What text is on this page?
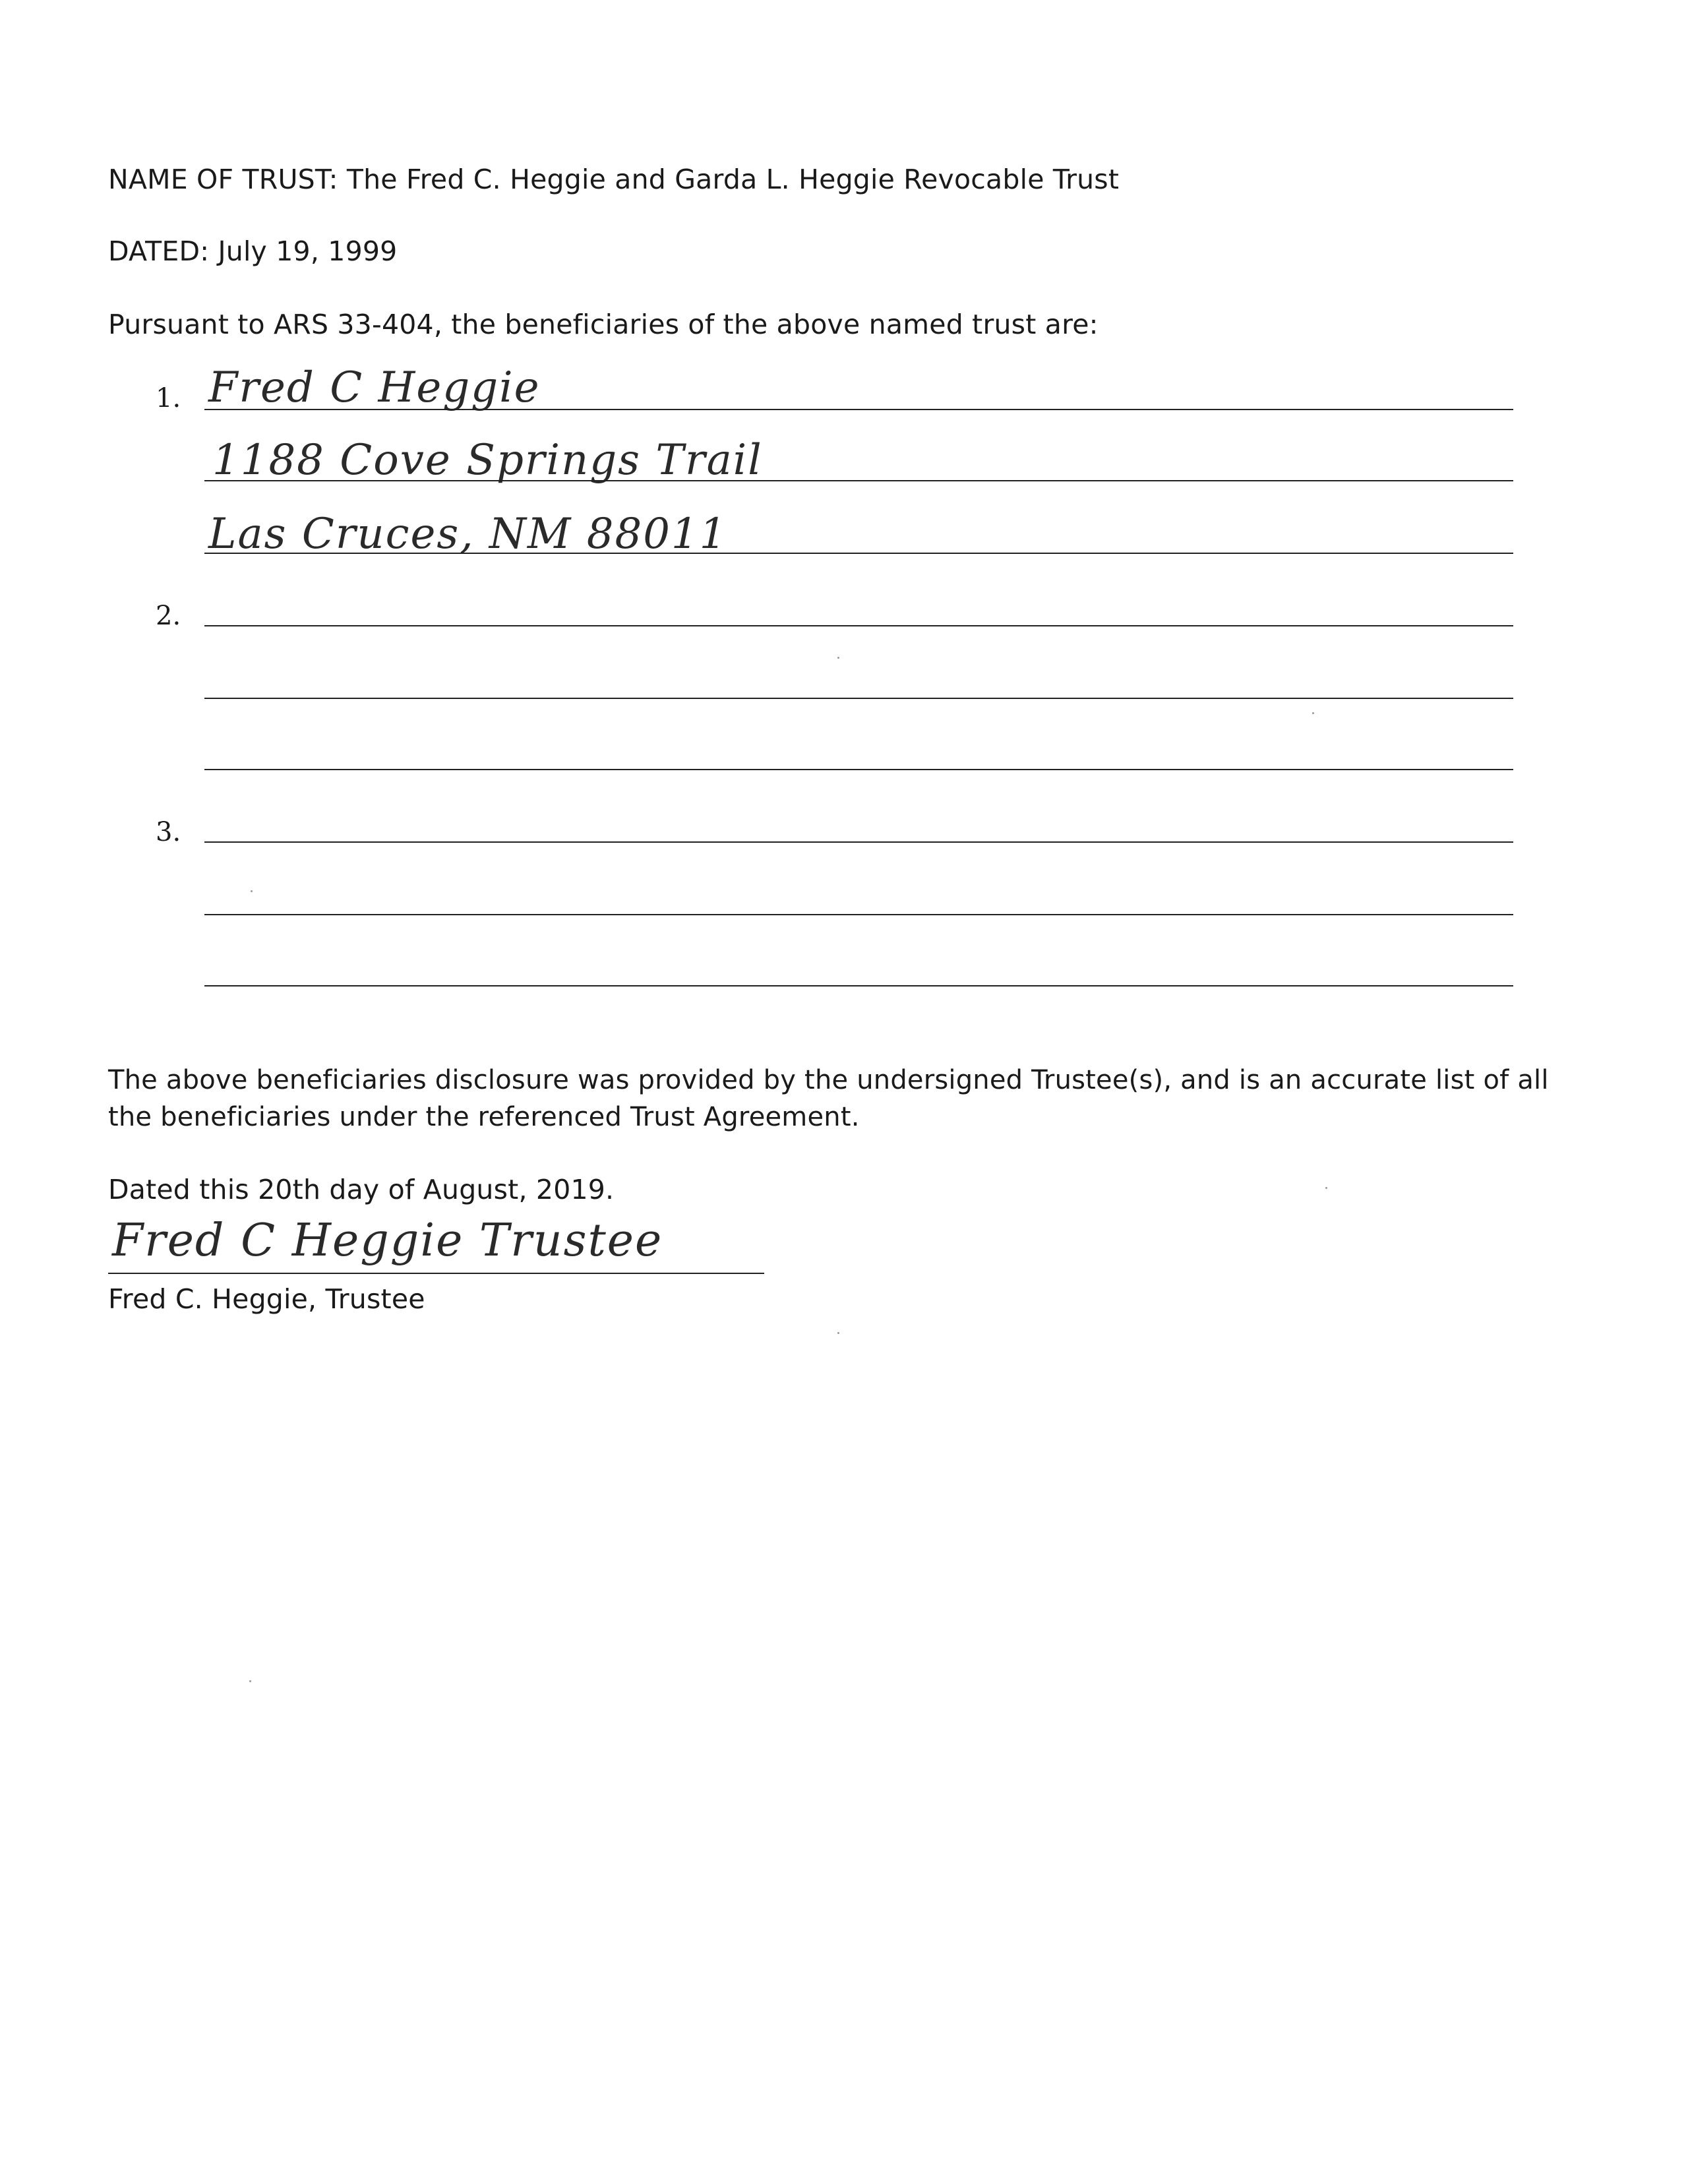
NAME OF TRUST: The Fred C. Heggie and Garda L. Heggie Revocable Trust
DATED: July 19, 1999
Pursuant to ARS 33-404, the beneficiaries of the above named trust are:
1. Fred C Heggie
1188 Cove Springs Trail
Las Cruces, NM 88011
2.
3.
The above beneficiaries disclosure was provided by the undersigned Trustee(s), and is an accurate list of all
the beneficiaries under the referenced Trust Agreement.
Dated this 20th day of August, 2019.
Fred C Heggie Trustee
Fred C. Heggie, Trustee
